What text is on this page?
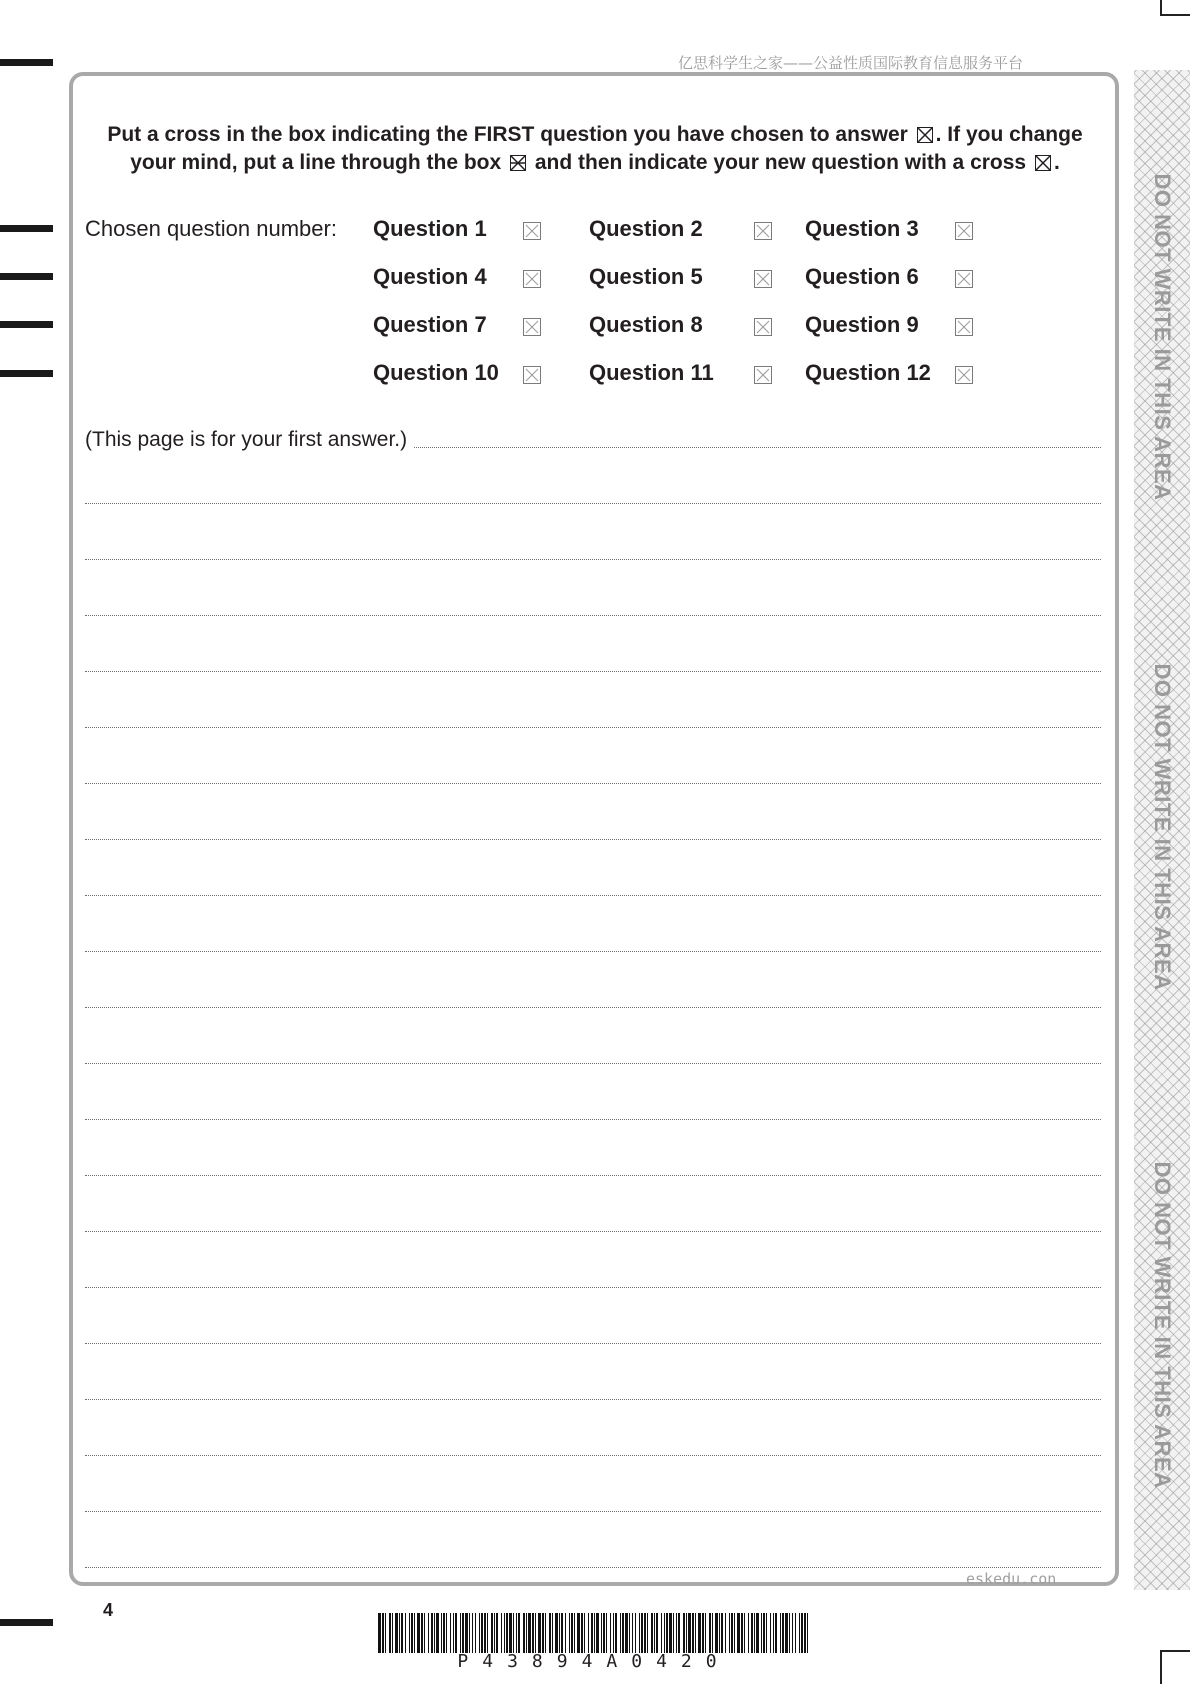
亿思科学生之家——公益性质国际教育信息服务平台
DO NOT WRITE IN THIS AREA
DO NOT WRITE IN THIS AREA
DO NOT WRITE IN THIS AREA
Put a cross in the box indicating the FIRST question you have chosen to answer ☒ . If you change
your mind, put a line through the box
and then indicate your new question with a cross ☒ .
Chosen question number: Question 1	Question 2	Question 3
Question 4	Question 5	Question 6
Question 7	Question 8	Question 9
Question 10	Question 11	Question 12
(This page is for your first answer.)
4
eskedu.con
P43894A0420
